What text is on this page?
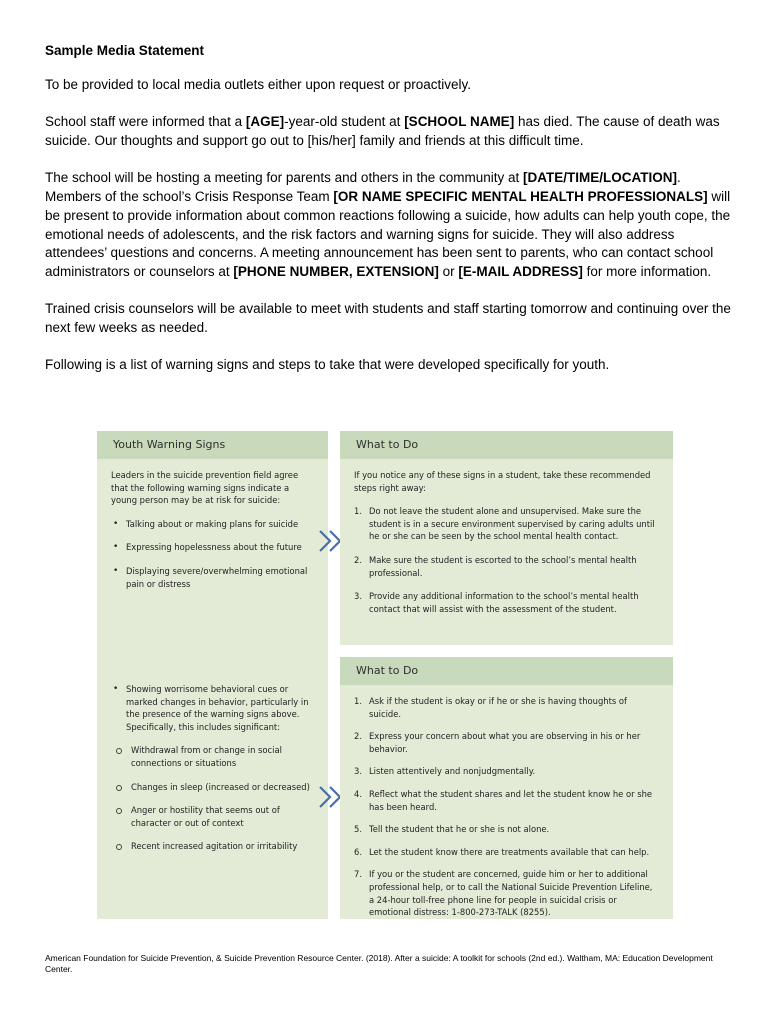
Sample Media Statement

To be provided to local media outlets either upon request or proactively.

School staff were informed that a [AGE]-year-old student at [SCHOOL NAME] has died. The cause of death was suicide. Our thoughts and support go out to [his/her] family and friends at this difficult time.

The school will be hosting a meeting for parents and others in the community at [DATE/TIME/LOCATION]. Members of the school’s Crisis Response Team [OR NAME SPECIFIC MENTAL HEALTH PROFESSIONALS] will be present to provide information about common reactions following a suicide, how adults can help youth cope, the emotional needs of adolescents, and the risk factors and warning signs for suicide. They will also address attendees’ questions and concerns. A meeting announcement has been sent to parents, who can contact school administrators or counselors at [PHONE NUMBER, EXTENSION] or [E-MAIL ADDRESS] for more information.

Trained crisis counselors will be available to meet with students and staff starting tomorrow and continuing over the next few weeks as needed.

Following is a list of warning signs and steps to take that were developed specifically for youth.

Youth Warning Signs
Leaders in the suicide prevention field agree that the following warning signs indicate a young person may be at risk for suicide:
• Talking about or making plans for suicide
• Expressing hopelessness about the future
• Displaying severe/overwhelming emotional pain or distress
• Showing worrisome behavioral cues or marked changes in behavior, particularly in the presence of the warning signs above. Specifically, this includes significant:
Withdrawal from or change in social connections or situations
Changes in sleep (increased or decreased)
Anger or hostility that seems out of character or out of context
Recent increased agitation or irritability
What to Do
If you notice any of these signs in a student, take these recommended steps right away:
1. Do not leave the student alone and unsupervised. Make sure the student is in a secure environment supervised by caring adults until he or she can be seen by the school mental health contact.
2. Make sure the student is escorted to the school’s mental health professional.
3. Provide any additional information to the school’s mental health contact that will assist with the assessment of the student.
What to Do
1. Ask if the student is okay or if he or she is having thoughts of suicide.
2. Express your concern about what you are observing in his or her behavior.
3. Listen attentively and nonjudgmentally.
4. Reflect what the student shares and let the student know he or she has been heard.
5. Tell the student that he or she is not alone.
6. Let the student know there are treatments available that can help.
7. If you or the student are concerned, guide him or her to additional professional help, or to call the National Suicide Prevention Lifeline, a 24-hour toll-free phone line for people in suicidal crisis or emotional distress: 1-800-273-TALK (8255).
American Foundation for Suicide Prevention, & Suicide Prevention Resource Center. (2018). After a suicide: A toolkit for schools (2nd ed.). Waltham, MA: Education Development Center.
